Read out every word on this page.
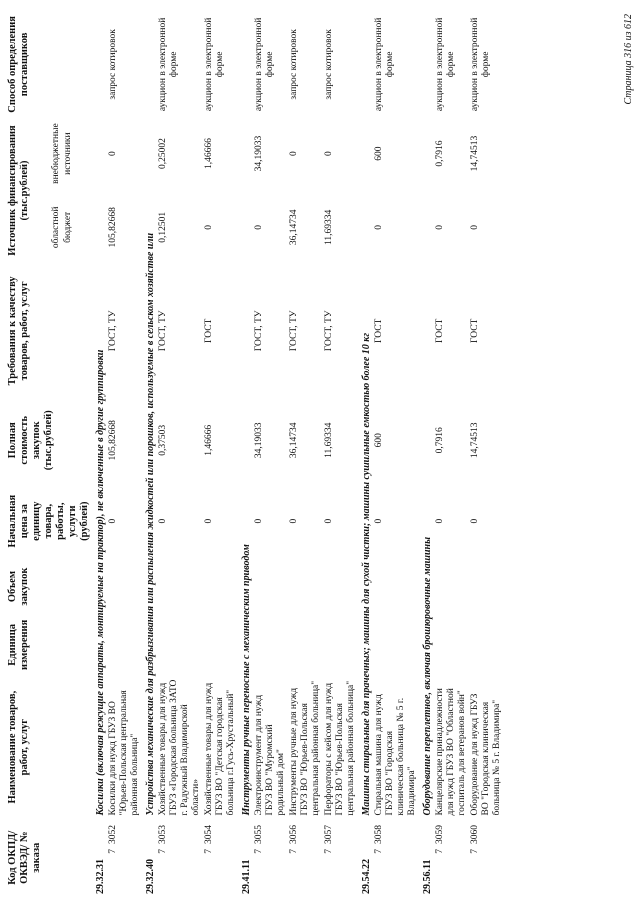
Код ОКПД/ ОКВЭД/ № заказа		Наименование товаров, работ, услуг	Единица измерения	Объем закупок	Начальная цена за единицу товара, работы, услуги (рублей)	Полная стоимость закупок (тыс.рублей)	Требования к качеству товаров, работ, услуг	Источник финансирования (тыс.рублей)		Способ определения поставщиков
								областной бюджет	внебюджетные источники	
29.32.31		Косилки (включая режущие аппараты, монтируемые на трактор), не включенные в другие группировки								
7	3052	Косилки для нужд ГБУЗ ВО "Юрьев-Польская центральная районная больница"			0	105,82668	ГОСТ, ТУ	105,82668	0	запрос котировок
29.32.40		Устройства механические для разбрызгивания или распыления жидкостей или порошков, используемые в сельском хозяйстве или								
7	3053	Хозяйственные товары для нужд ГБУЗ «Городская больница ЗАТО г. Радужный Владимирской области»			0	0,37503	ГОСТ, ТУ	0,12501	0,25002	аукцион в электронной форме
7	3054	Хозяйственные товары для нужд ГБУЗ ВО "Детская городская больница г.Гусь-Хрустальный"			0	1,46666	ГОСТ	0	1,46666	аукцион в электронной форме
29.41.11		Инструменты ручные переносные с механическим приводом								
7	3055	Электроинструмент для нужд ГБУЗ ВО "Муромский родильный дом"			0	34,19033	ГОСТ, ТУ	0	34,19033	аукцион в электронной форме
7	3056	Инструменты ручные для нужд ГБУЗ ВО "Юрьев-Польская центральная районная больница"			0	36,14734	ГОСТ, ТУ	36,14734	0	запрос котировок
7	3057	Перфораторы с кейсом для нужд ГБУЗ ВО "Юрьев-Польская центральная районная больница"			0	11,69334	ГОСТ, ТУ	11,69334	0	запрос котировок
29.54.22		Машины стиральные для прачечных; машины для сухой чистки; машины сушильные емкостью более 10 кг								
7	3058	Стиральная машина для нужд ГБУЗ ВО "Городская клиническая больница № 5 г. Владимира"			0	600	ГОСТ	0	600	аукцион в электронной форме
29.56.11		Оборудование переплетное, включая брошюровочные машины								
7	3059	Канцелярские принадлежности для нужд ГБУЗ ВО "Областной госпиталь для ветеранов войн"			0	0,7916	ГОСТ	0	0,7916	аукцион в электронной форме
7	3060	Оборудование для нужд ГБУЗ ВО "Городская клиническая больница № 5 г. Владимира"			0	14,74513	ГОСТ	0	14,74513	аукцион в электронной форме	Страница 316 из 612
